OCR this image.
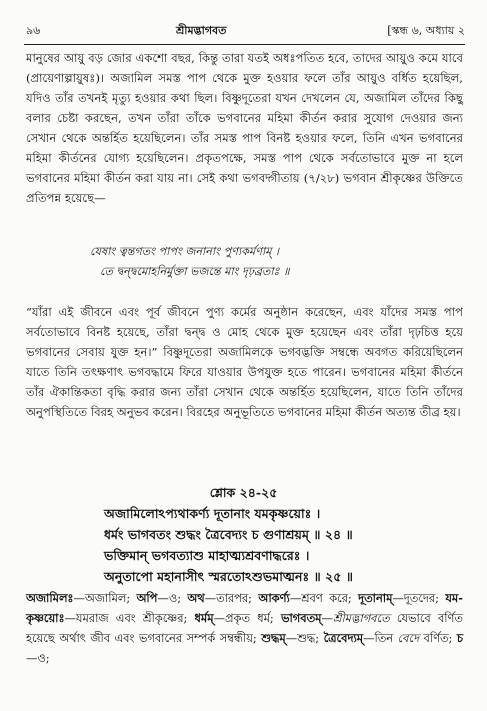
৯৬	শ্রীমদ্ভাগবত	[স্কন্ধ ৬, অধ্যায় ২
মানুষের আয়ু বড় জোর একশো বছর, কিন্তু তারা যতই অধঃপতিত হবে, তাদের আয়ুও কমে যাবে (প্রায়েণাল্পায়ুষঃ)। অজামিল সমস্ত পাপ থেকে মুক্ত হওয়ার ফলে তাঁর আয়ুও বর্ধিত হয়েছিল, যদিও তাঁর তখনই মৃত্যু হওয়ার কথা ছিল। বিষ্ণুদূতেরা যখন দেখলেন যে, অজামিল তাঁদের কিছু বলার চেষ্টা করছেন, তখন তাঁরা তাঁকে ভগবানের মহিমা কীর্তন করার সুযোগ দেওয়ার জন্য সেখান থেকে অন্তর্হিত হয়েছিলেন। তাঁর সমস্ত পাপ বিনষ্ট হওয়ার ফলে, তিনি এখন ভগবানের মহিমা কীর্তনের যোগ্য হয়েছিলেন। প্রকৃতপক্ষে, সমস্ত পাপ থেকে সর্বতোভাবে মুক্ত না হলে ভগবানের মহিমা কীর্তন করা যায় না। সেই কথা ভগবদ্গীতায় (৭/২৮) ভগবান শ্রীকৃষ্ণের উক্তিতে প্রতিপন্ন হয়েছে—
যেষাং ত্বন্তগতং পাপং জনানাং পুণ্যকর্মণাম্ ।
তে দ্বন্দ্বমোহনির্মুক্তা ভজন্তে মাং দৃঢ়ব্রতাঃ ॥
“যাঁরা এই জীবনে এবং পূর্ব জীবনে পুণ্য কর্মের অনুষ্ঠান করেছেন, এবং যাঁদের সমস্ত পাপ সর্বতোভাবে বিনষ্ট হয়েছে, তাঁরা দ্বন্দ্ব ও মোহ থেকে মুক্ত হয়েছেন এবং তাঁরা দৃঢ়চিত্ত হয়ে ভগবানের সেবায় যুক্ত হন।” বিষ্ণুদূতেরা অজামিলকে ভগবদ্ভক্তি সম্বন্ধে অবগত করিয়েছিলেন যাতে তিনি তৎক্ষণাৎ ভগবদ্ধামে ফিরে যাওয়ার উপযুক্ত হতে পারেন। ভগবানের মহিমা কীর্তনে তাঁর ঐকান্তিকতা বৃদ্ধি করার জন্য তাঁরা সেখান থেকে অন্তর্হিত হয়েছিলেন, যাতে তিনি তাঁদের অনুপস্থিতিতে বিরহ অনুভব করেন। বিরহের অনুভূতিতে ভগবানের মহিমা কীর্তন অত্যন্ত তীব্র হয়।
শ্লোক ২৪-২৫
অজামিলোঽপ্যথাকর্ণ্য দূতানাং যমকৃষ্ণয়োঃ ।
ধর্মং ভাগবতং শুদ্ধং ত্রৈবেদ্যং চ গুণাশ্রয়ম্ ॥ ২৪ ॥
ভক্তিমান্ ভগবত্যাশু মাহাত্ম্যশ্রবণাদ্ধরেঃ ।
অনুতাপো মহানাসীৎ স্মরতোঽশুভমাত্মনঃ ॥ ২৫ ॥
অজামিলঃ—অজামিল; অপি—ও; অথ—তারপর; আকর্ণ্য—শ্রবণ করে; দূতানাম্—দূতদের; যম-কৃষ্ণয়োঃ—যমরাজ এবং শ্রীকৃষ্ণের; ধর্মম্—প্রকৃত ধর্ম; ভাগবতম্—শ্রীমদ্ভাগবতে যেভাবে বর্ণিত হয়েছে অর্থাৎ জীব এবং ভগবানের সম্পর্ক সম্বন্ধীয়; শুদ্ধম্—শুদ্ধ; ত্রৈবেদ্যম্—তিন বেদে বর্ণিত; চ—ও;
